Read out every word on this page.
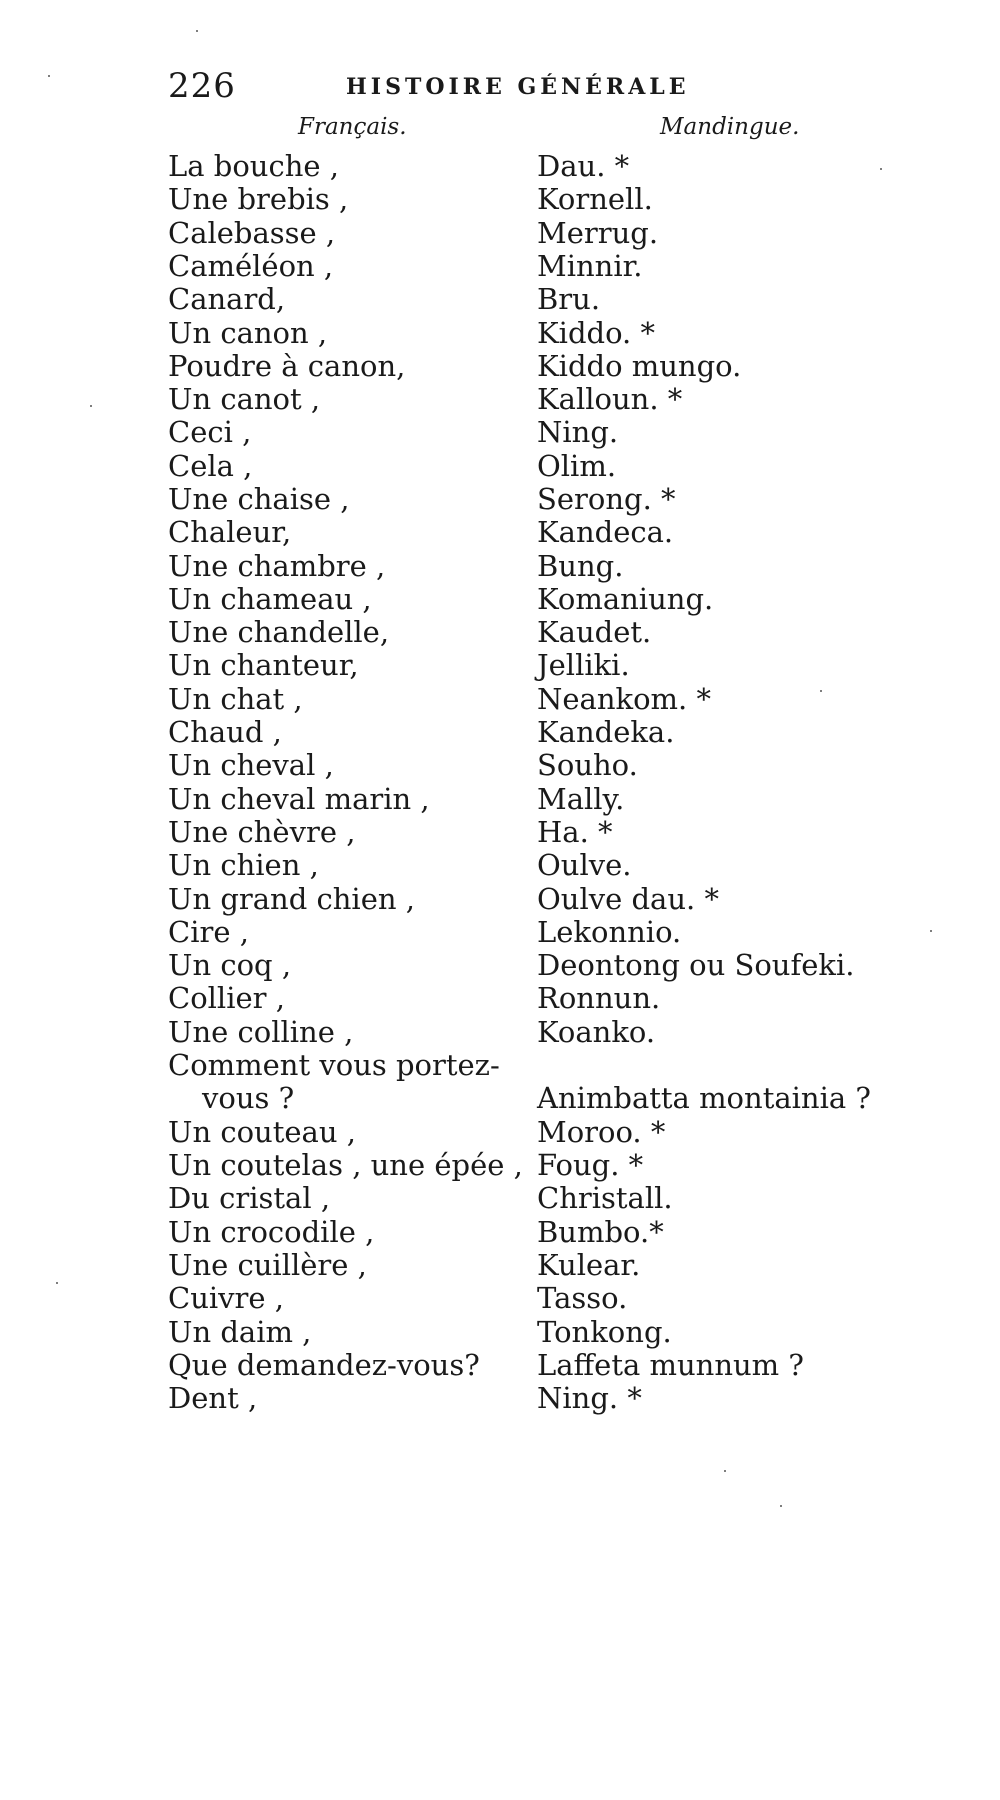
226	HISTOIRE GÉNÉRALE
Français.	Mandingue.
La bouche ,	Dau. *
Une brebis ,	Kornell.
Calebasse ,	Merrug.
Caméléon ,	Minnir.
Canard,	Bru.
Un canon ,	Kiddo. *
Poudre à canon,	Kiddo mungo.
Un canot ,	Kalloun. *
Ceci ,	Ning.
Cela ,	Olim.
Une chaise ,	Serong. *
Chaleur,	Kandeca.
Une chambre ,	Bung.
Un chameau ,	Komaniung.
Une chandelle,	Kaudet.
Un chanteur,	Jelliki.
Un chat ,	Neankom. *
Chaud ,	Kandeka.
Un cheval ,	Souho.
Un cheval marin ,	Mally.
Une chèvre ,	Ha. *
Un chien ,	Oulve.
Un grand chien ,	Oulve dau. *
Cire ,	Lekonnio.
Un coq ,	Deontong ou Soufeki.
Collier ,	Ronnun.
Une colline ,	Koanko.
Comment vous portez-
vous ?	Animbatta montainia ?
Un couteau ,	Moroo. *
Un coutelas , une épée , Foug. *
Du cristal ,	Christall.
Un crocodile ,	Bumbo.*
Une cuillère ,	Kulear.
Cuivre ,	Tasso.
Un daim ,	Tonkong.
Que demandez-vous? Laffeta munnum ?
Dent ,	Ning. *
